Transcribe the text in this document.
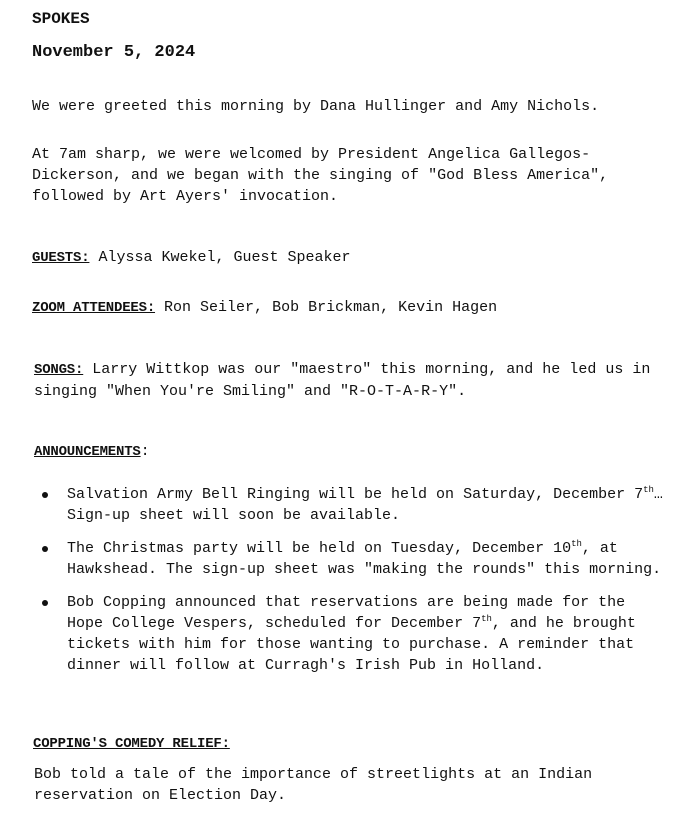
SPOKES
November 5, 2024

We were greeted this morning by Dana Hullinger and Amy Nichols.

At 7am sharp, we were welcomed by President Angelica Gallegos-Dickerson, and we began with the singing of "God Bless America", followed by Art Ayers' invocation.

GUESTS: Alyssa Kwekel, Guest Speaker

ZOOM ATTENDEES: Ron Seiler, Bob Brickman, Kevin Hagen

SONGS: Larry Wittkop was our "maestro" this morning, and he led us in singing "When You're Smiling" and "R-O-T-A-R-Y".

ANNOUNCEMENTS:

Salvation Army Bell Ringing will be held on Saturday, December 7th…Sign-up sheet will soon be available.
The Christmas party will be held on Tuesday, December 10th, at Hawkshead. The sign-up sheet was "making the rounds" this morning.
Bob Copping announced that reservations are being made for the Hope College Vespers, scheduled for December 7th, and he brought tickets with him for those wanting to purchase. A reminder that dinner will follow at Curragh's Irish Pub in Holland.

COPPING'S COMEDY RELIEF:

Bob told a tale of the importance of streetlights at an Indian reservation on Election Day.
